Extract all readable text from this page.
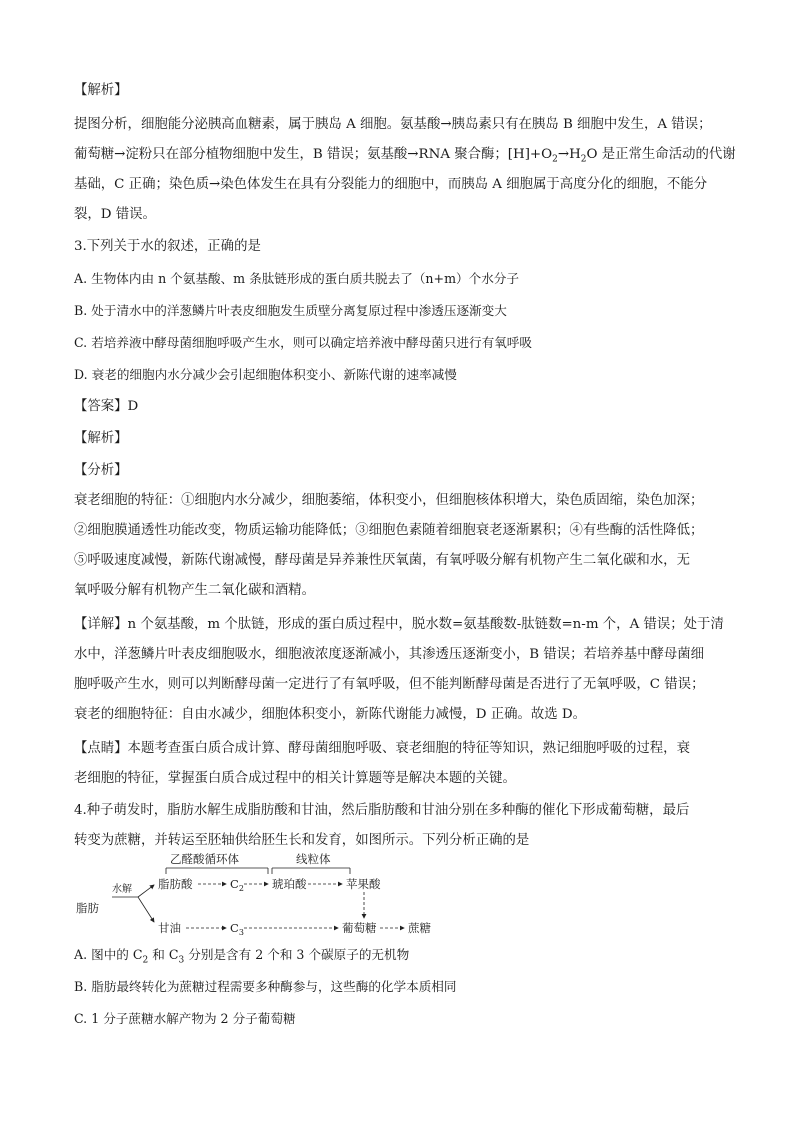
【解析】
提图分析，细胞能分泌胰高血糖素，属于胰岛 A 细胞。氨基酸→胰岛素只有在胰岛 B 细胞中发生，A 错误；
葡萄糖→淀粉只在部分植物细胞中发生，B 错误；氨基酸→RNA 聚合酶；$[H]+O_2\to H_2O$ 是正常生命活动的代谢
基础，C 正确；染色质→染色体发生在具有分裂能力的细胞中，而胰岛 A 细胞属于高度分化的细胞，不能分
裂，D 错误。
3.下列关于水的叙述，正确的是
A. 生物体内由 n 个氨基酸、m 条肽链形成的蛋白质共脱去了（n+m）个水分子
B. 处于清水中的洋葱鳞片叶表皮细胞发生质壁分离复原过程中渗透压逐渐变大
C. 若培养液中酵母菌细胞呼吸产生水，则可以确定培养液中酵母菌只进行有氧呼吸
D. 衰老的细胞内水分减少会引起细胞体积变小、新陈代谢的速率减慢
【答案】D
【解析】
【分析】
衰老细胞的特征：①细胞内水分减少，细胞萎缩，体积变小，但细胞核体积增大，染色质固缩，染色加深；
②细胞膜通透性功能改变，物质运输功能降低；③细胞色素随着细胞衰老逐渐累积；④有些酶的活性降低；
⑤呼吸速度减慢，新陈代谢减慢，酵母菌是异养兼性厌氧菌，有氧呼吸分解有机物产生二氧化碳和水，无
氧呼吸分解有机物产生二氧化碳和酒精。
【详解】n 个氨基酸，m 个肽链，形成的蛋白质过程中，脱水数=氨基酸数-肽链数=n-m 个，A 错误；处于清
水中，洋葱鳞片叶表皮细胞吸水，细胞液浓度逐渐减小，其渗透压逐渐变小，B 错误；若培养基中酵母菌细
胞呼吸产生水，则可以判断酵母菌一定进行了有氧呼吸，但不能判断酵母菌是否进行了无氧呼吸，C 错误；
衰老的细胞特征：自由水减少，细胞体积变小，新陈代谢能力减慢，D 正确。故选 D。
【点睛】本题考查蛋白质合成计算、酵母菌细胞呼吸、衰老细胞的特征等知识，熟记细胞呼吸的过程，衰
老细胞的特征，掌握蛋白质合成过程中的相关计算题等是解决本题的关键。
4.种子萌发时，脂肪水解生成脂肪酸和甘油，然后脂肪酸和甘油分别在多种酶的催化下形成葡萄糖，最后
转变为蔗糖，并转运至胚轴供给胚生长和发育，如图所示。下列分析正确的是
乙醛酸循环体	线粒体
脂肪
水解 脂肪酸	$C_2$ 琥珀酸	苹果酸
甘油	$C_3$	葡萄糖	蔗糖
A. 图中的 $C_2$ 和 $C_3$ 分别是含有 2 个和 3 个碳原子的无机物
B. 脂肪最终转化为蔗糖过程需要多种酶参与，这些酶的化学本质相同
C. 1 分子蔗糖水解产物为 2 分子葡萄糖
